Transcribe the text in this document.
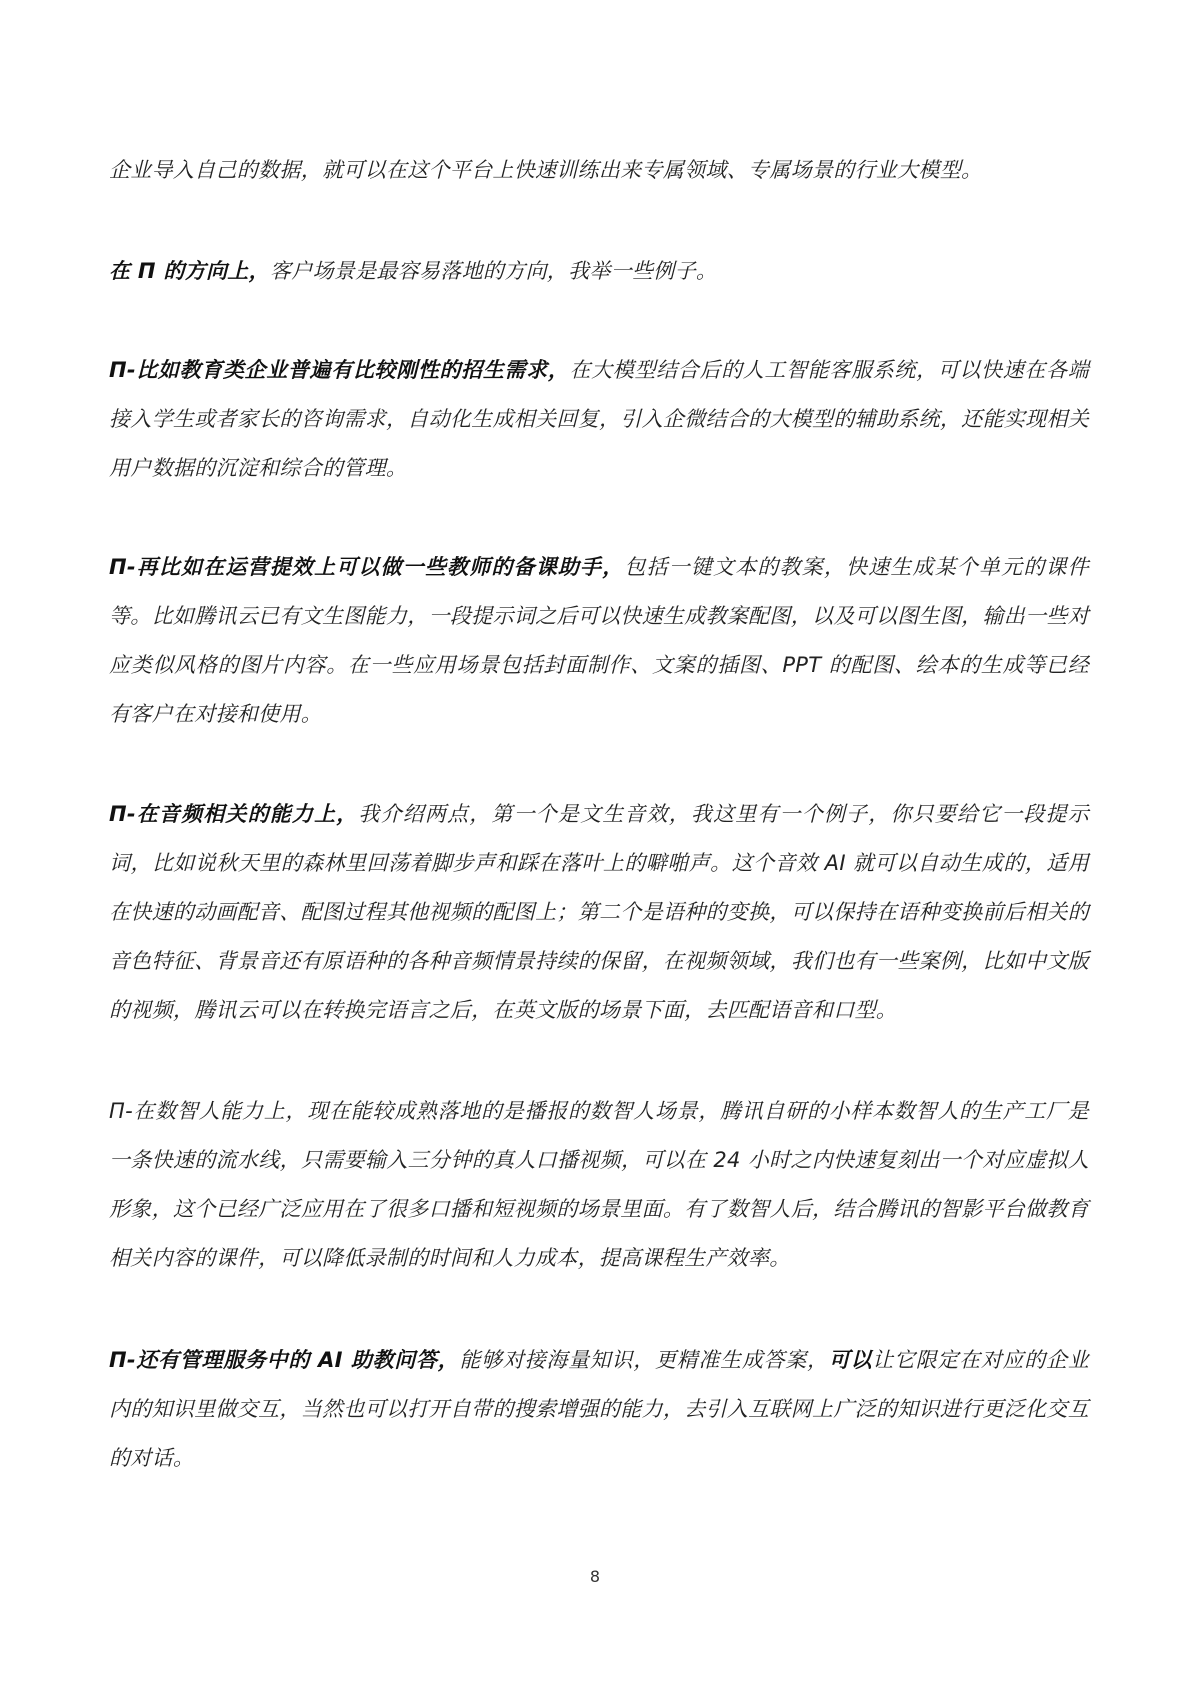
企业导入自己的数据，就可以在这个平台上快速训练出来专属领域、专属场景的行业大模型。

在 Π 的方向上，客户场景是最容易落地的方向，我举一些例子。

Π-比如教育类企业普遍有比较刚性的招生需求，在大模型结合后的人工智能客服系统，可以快速在各端接入学生或者家长的咨询需求，自动化生成相关回复，引入企微结合的大模型的辅助系统，还能实现相关用户数据的沉淀和综合的管理。

Π-再比如在运营提效上可以做一些教师的备课助手，包括一键文本的教案，快速生成某个单元的课件等。比如腾讯云已有文生图能力，一段提示词之后可以快速生成教案配图，以及可以图生图，输出一些对应类似风格的图片内容。在一些应用场景包括封面制作、文案的插图、PPT 的配图、绘本的生成等已经有客户在对接和使用。

Π-在音频相关的能力上，我介绍两点，第一个是文生音效，我这里有一个例子，你只要给它一段提示词，比如说秋天里的森林里回荡着脚步声和踩在落叶上的噼啪声。这个音效 AI 就可以自动生成的，适用在快速的动画配音、配图过程其他视频的配图上；第二个是语种的变换，可以保持在语种变换前后相关的音色特征、背景音还有原语种的各种音频情景持续的保留，在视频领域，我们也有一些案例，比如中文版的视频，腾讯云可以在转换完语言之后，在英文版的场景下面，去匹配语音和口型。

Π-在数智人能力上，现在能较成熟落地的是播报的数智人场景，腾讯自研的小样本数智人的生产工厂是一条快速的流水线，只需要输入三分钟的真人口播视频，可以在 24 小时之内快速复刻出一个对应虚拟人形象，这个已经广泛应用在了很多口播和短视频的场景里面。有了数智人后，结合腾讯的智影平台做教育相关内容的课件，可以降低录制的时间和人力成本，提高课程生产效率。

Π-还有管理服务中的 AI 助教问答，能够对接海量知识，更精准生成答案，可以让它限定在对应的企业内的知识里做交互，当然也可以打开自带的搜索增强的能力，去引入互联网上广泛的知识进行更泛化交互的对话。

8
